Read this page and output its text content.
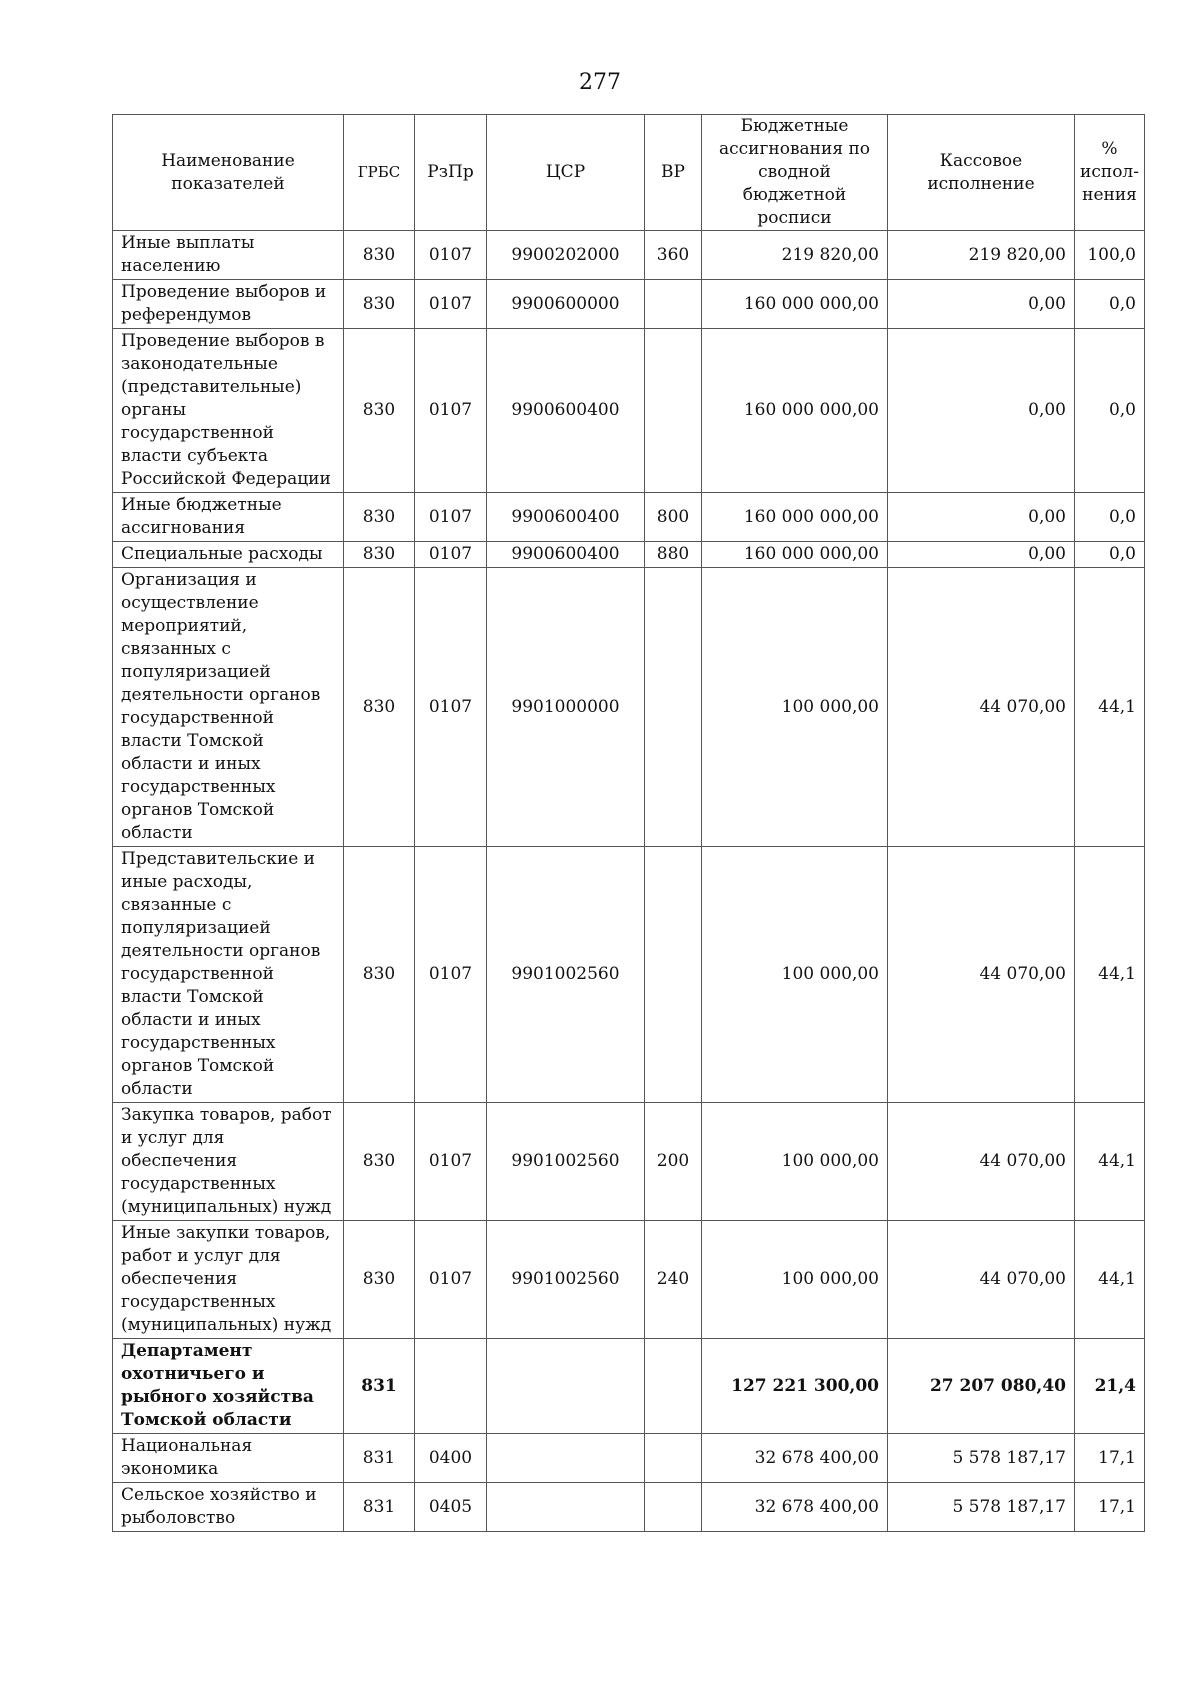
277
Наименование показателей	ГРБС	РзПр	ЦСР	ВР	Бюджетные ассигнования по сводной бюджетной росписи	Кассовое исполнение	% испол-нения
Иные выплаты населению	830	0107	9900202000	360	219 820,00	219 820,00	100,0
Проведение выборов и референдумов	830	0107	9900600000		160 000 000,00	0,00	0,0
Проведение выборов в законодательные (представительные) органы государственной власти субъекта Российской Федерации	830	0107	9900600400		160 000 000,00	0,00	0,0
Иные бюджетные ассигнования	830	0107	9900600400	800	160 000 000,00	0,00	0,0
Специальные расходы	830	0107	9900600400	880	160 000 000,00	0,00	0,0
Организация и осуществление мероприятий, связанных с популяризацией деятельности органов государственной власти Томской области и иных государственных органов Томской области	830	0107	9901000000		100 000,00	44 070,00	44,1
Представительские и иные расходы, связанные с популяризацией деятельности органов государственной власти Томской области и иных государственных органов Томской области	830	0107	9901002560		100 000,00	44 070,00	44,1
Закупка товаров, работ и услуг для обеспечения государственных (муниципальных) нужд	830	0107	9901002560	200	100 000,00	44 070,00	44,1
Иные закупки товаров, работ и услуг для обеспечения государственных (муниципальных) нужд	830	0107	9901002560	240	100 000,00	44 070,00	44,1
Департамент охотничьего и рыбного хозяйства Томской области	831				127 221 300,00	27 207 080,40	21,4
Национальная экономика	831	0400			32 678 400,00	5 578 187,17	17,1
Сельское хозяйство и рыболовство	831	0405			32 678 400,00	5 578 187,17	17,1
